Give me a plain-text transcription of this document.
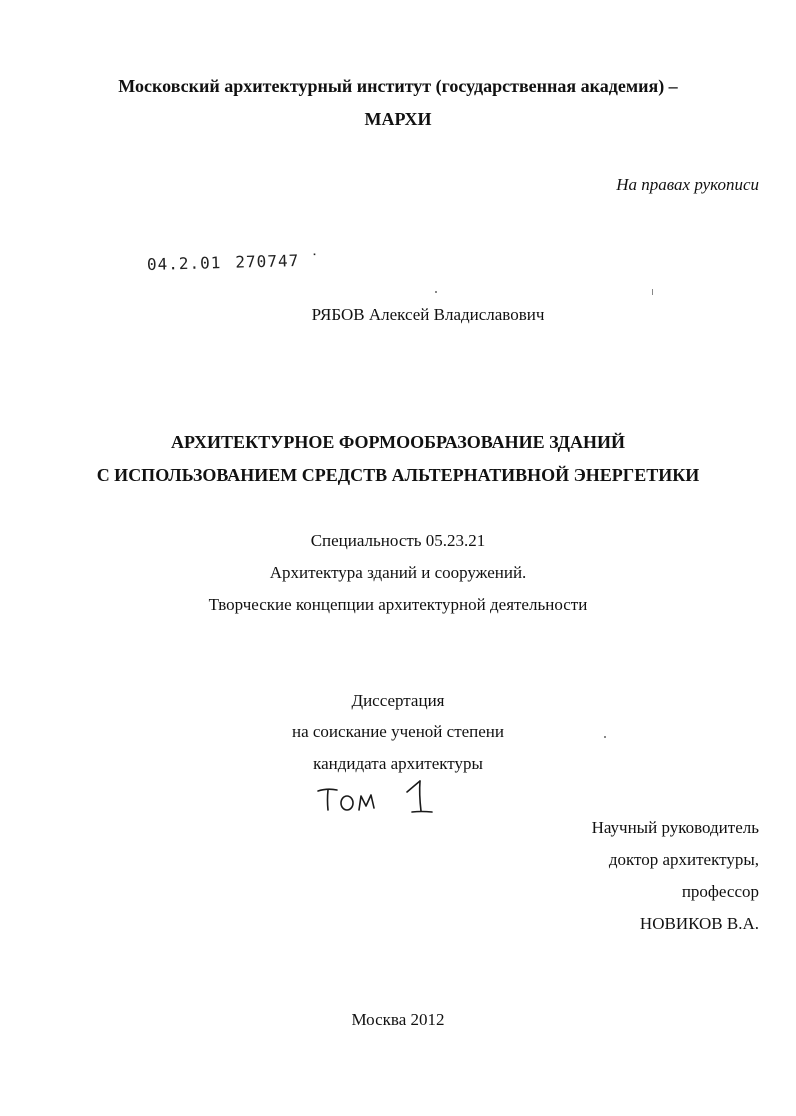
Московский архитектурный институт (государственная академия) –
МАРХИ
На правах рукописи
04.2.01 270747 ˙
РЯБОВ Алексей Владиславович
АРХИТЕКТУРНОЕ ФОРМООБРАЗОВАНИЕ ЗДАНИЙ
С ИСПОЛЬЗОВАНИЕМ СРЕДСТВ АЛЬТЕРНАТИВНОЙ ЭНЕРГЕТИКИ
Специальность 05.23.21
Архитектура зданий и сооружений.
Творческие концепции архитектурной деятельности
Диссертация
на соискание ученой степени
кандидата архитектуры
Научный руководитель
доктор архитектуры,
профессор
НОВИКОВ В.А.
Москва 2012
